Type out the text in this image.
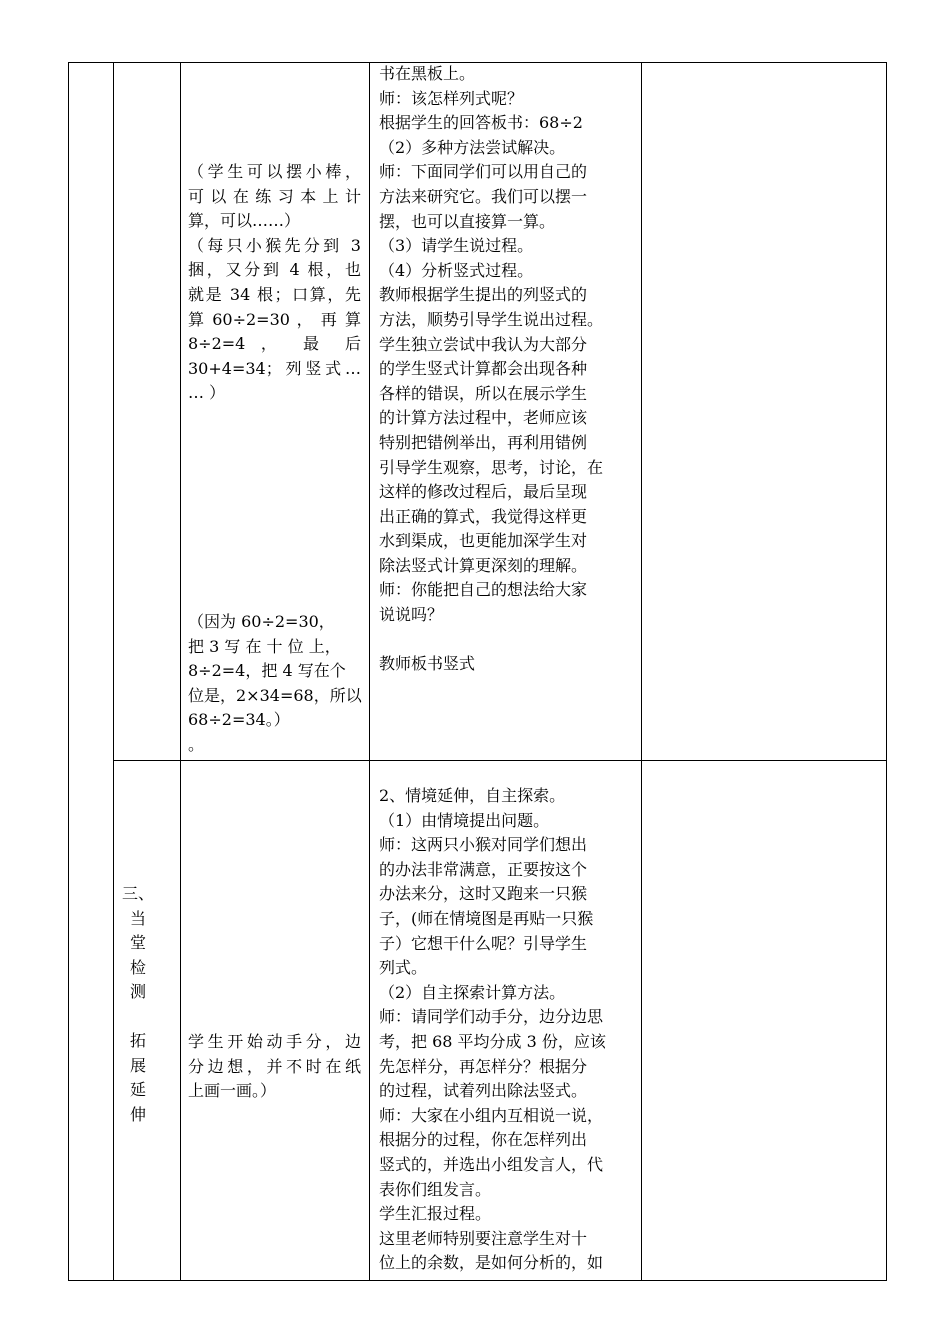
（学生可以摆小棒，

可以在练习本上计

算，可以……）

（每只小猴先分到 3

捆，又分到 4 根，也

就是 34 根；口算，先

算 60÷2=30 ， 再 算

8÷2=4 ， 最 后

30+4=34；列竖式…

… ）

（因为 60÷2=30，

把 3 写 在 十 位 上，

8÷2=4，把 4 写在个

位是，2×34=68，所以

68÷2=34。）

。

书在黑板上。

师：该怎样列式呢？

根据学生的回答板书：68÷2

（2）多种方法尝试解决。

师：下面同学们可以用自己的

方法来研究它。我们可以摆一

摆，也可以直接算一算。

（3）请学生说过程。

（4）分析竖式过程。

教师根据学生提出的列竖式的

方法，顺势引导学生说出过程。

学生独立尝试中我认为大部分

的学生竖式计算都会出现各种

各样的错误，所以在展示学生

的计算方法过程中，老师应该

特别把错例举出，再利用错例

引导学生观察，思考，讨论，在

这样的修改过程后，最后呈现

出正确的算式，我觉得这样更

水到渠成，也更能加深学生对

除法竖式计算更深刻的理解。

师：你能把自己的想法给大家

说说吗？

教师板书竖式

三、

当

堂

检

测

拓

展

延

伸

学生开始动手分，边

分边想，并不时在纸

上画一画。）

2、情境延伸，自主探索。

（1）由情境提出问题。

师：这两只小猴对同学们想出

的办法非常满意，正要按这个

办法来分，这时又跑来一只猴

子，(师在情境图是再贴一只猴

子）它想干什么呢？引导学生

列式。

（2）自主探索计算方法。

师：请同学们动手分，边分边思

考，把 68 平均分成 3 份，应该

先怎样分，再怎样分？根据分

的过程，试着列出除法竖式。

师：大家在小组内互相说一说，

根据分的过程，你在怎样列出

竖式的，并选出小组发言人，代

表你们组发言。

学生汇报过程。

这里老师特别要注意学生对十

位上的余数，是如何分析的，如
